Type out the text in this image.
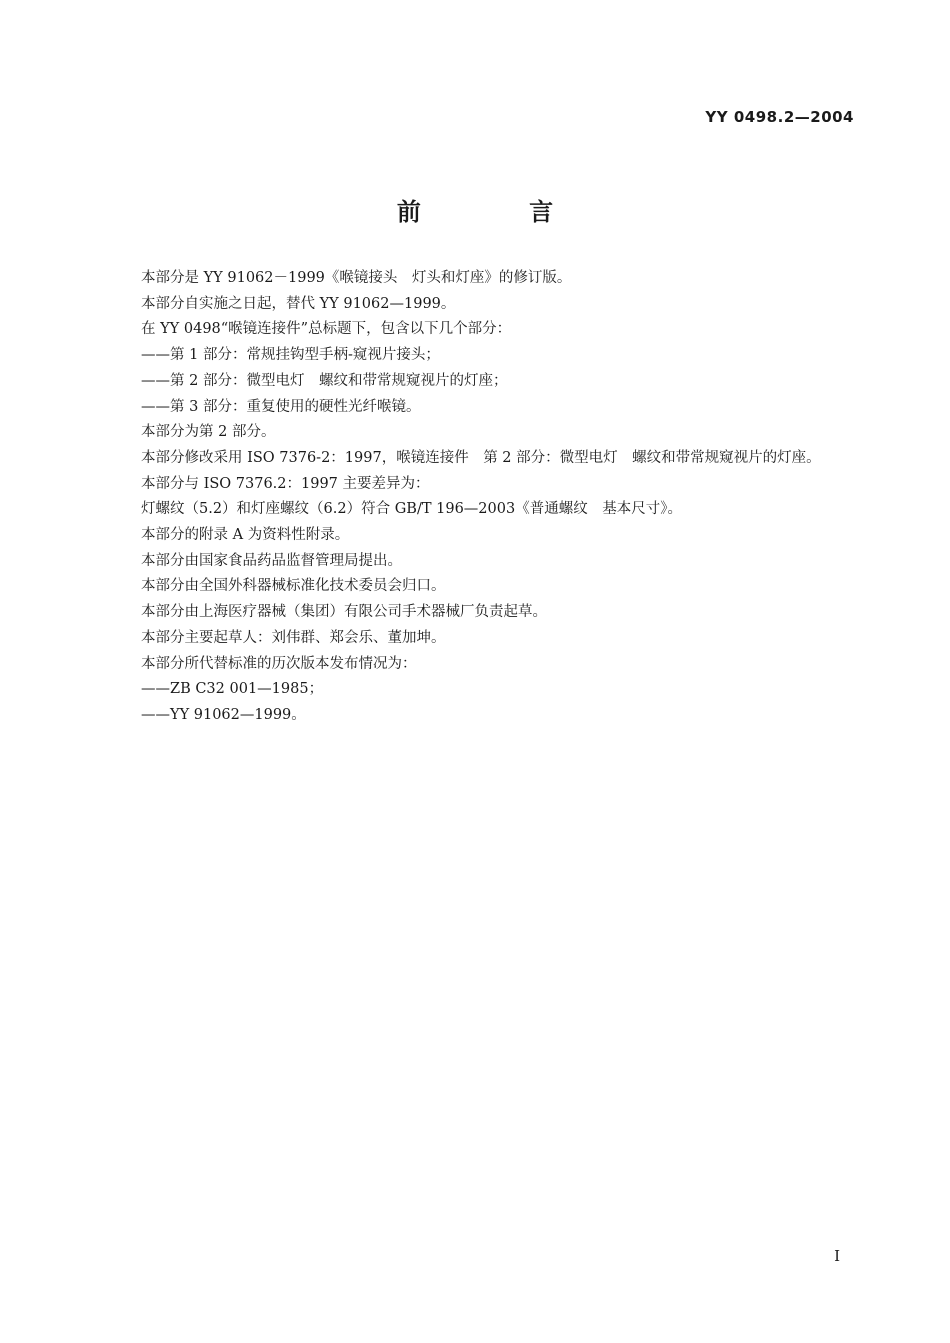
YY 0498.2—2004
前 言

本部分是 YY 91062－1999《喉镜接头　灯头和灯座》的修订版。

本部分自实施之日起，替代 YY 91062—1999。

在 YY 0498“喉镜连接件”总标题下，包含以下几个部分：

——第 1 部分：常规挂钩型手柄-窥视片接头；

——第 2 部分：微型电灯　螺纹和带常规窥视片的灯座；

——第 3 部分：重复使用的硬性光纤喉镜。

本部分为第 2 部分。

本部分修改采用 ISO 7376-2：1997，喉镜连接件　第 2 部分：微型电灯　螺纹和带常规窥视片的灯座。

本部分与 ISO 7376.2：1997 主要差异为：

灯螺纹（5.2）和灯座螺纹（6.2）符合 GB/T 196—2003《普通螺纹　基本尺寸》。

本部分的附录 A 为资料性附录。

本部分由国家食品药品监督管理局提出。

本部分由全国外科器械标准化技术委员会归口。

本部分由上海医疗器械（集团）有限公司手术器械厂负责起草。

本部分主要起草人：刘伟群、郑会乐、董加坤。

本部分所代替标准的历次版本发布情况为：

——ZB C32 001—1985；

——YY 91062—1999。

I
